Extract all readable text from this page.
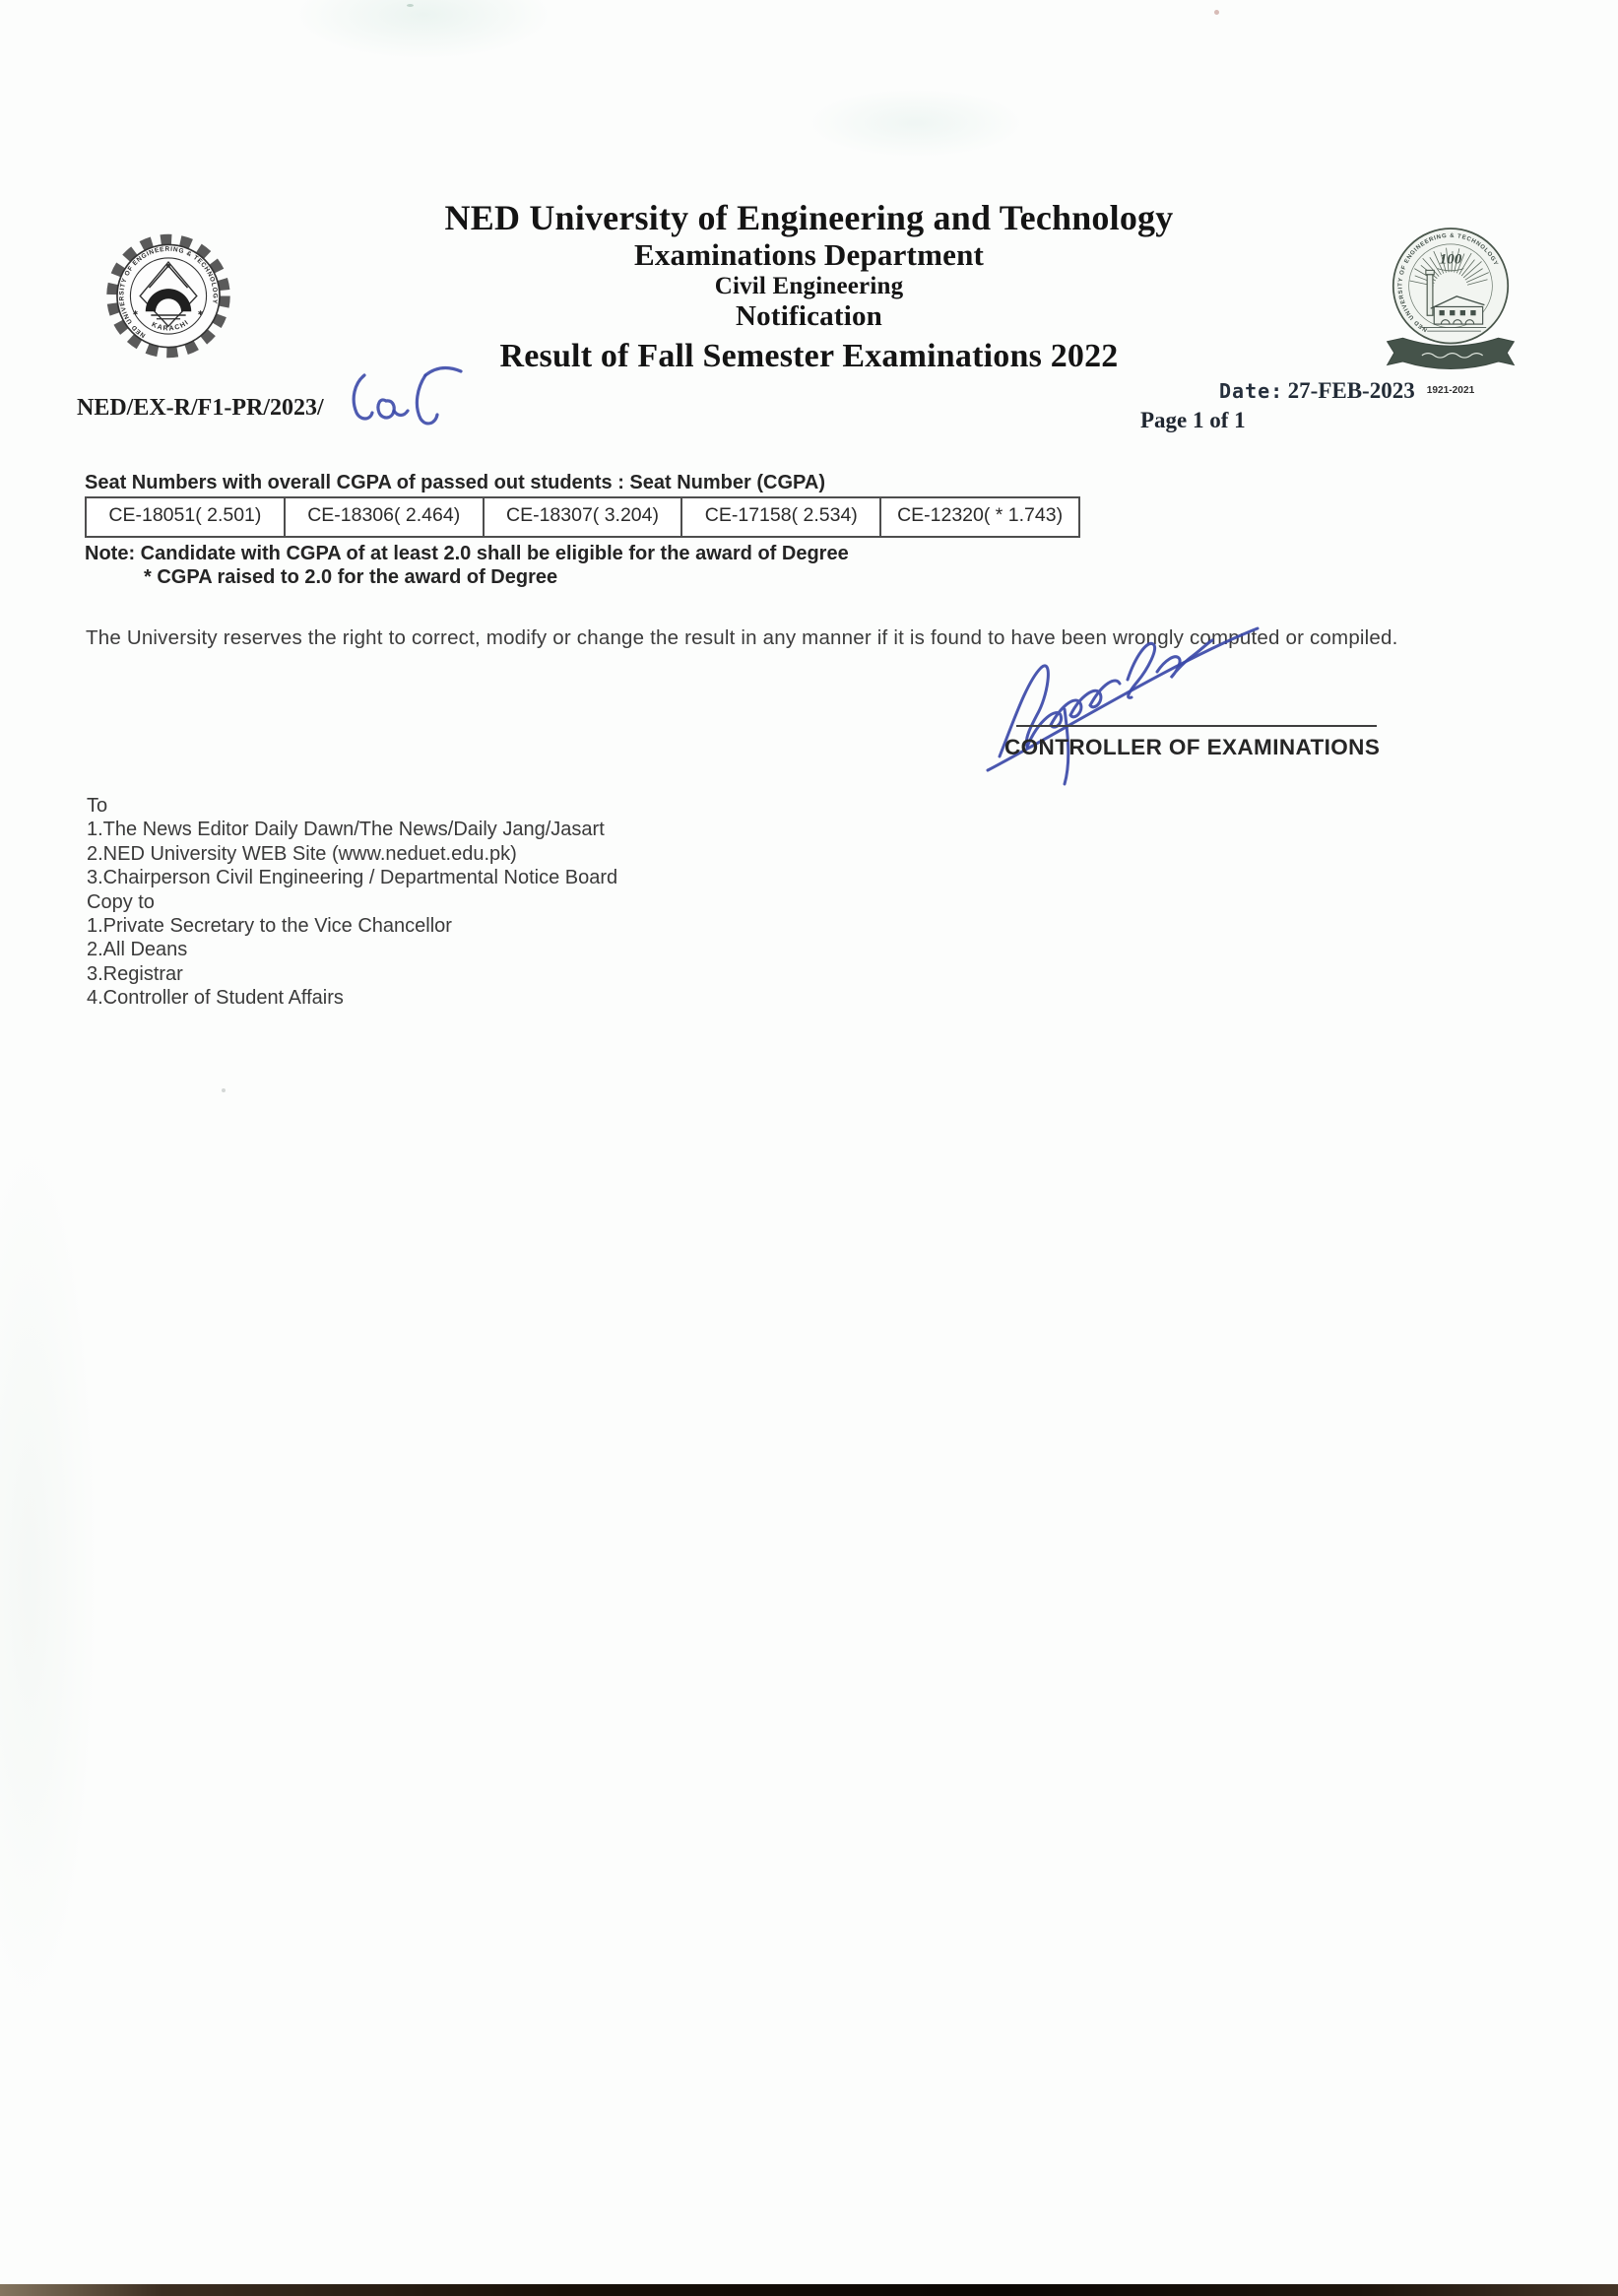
NED UNIVERSITY OF ENGINEERING & TECHNOLOGY
✱	✱
KARACHI
NED UNIVERSITY OF ENGINEERING & TECHNOLOGY
100
1921-2021
NED University of Engineering and Technology
Examinations Department
Civil Engineering
Notification
Result of Fall Semester Examinations 2022
NED/EX-R/F1-PR/2023/
Date: 27-FEB-2023
Page 1 of 1
Seat Numbers with overall CGPA of passed out students : Seat Number (CGPA)
CE-18051( 2.501)	CE-18306( 2.464)	CE-18307( 3.204)	CE-17158( 2.534)	CE-12320( * 1.743)
Note: Candidate with CGPA of at least 2.0 shall be eligible for the award of Degree
* CGPA raised to 2.0 for the award of Degree
The University reserves the right to correct, modify or change the result in any manner if it is found to have been wrongly computed or compiled.
CONTROLLER OF EXAMINATIONS
To
1.The News Editor Daily Dawn/The News/Daily Jang/Jasart
2.NED University WEB Site (www.neduet.edu.pk)
3.Chairperson Civil Engineering / Departmental Notice Board
Copy to
1.Private Secretary to the Vice Chancellor
2.All Deans
3.Registrar
4.Controller of Student Affairs
